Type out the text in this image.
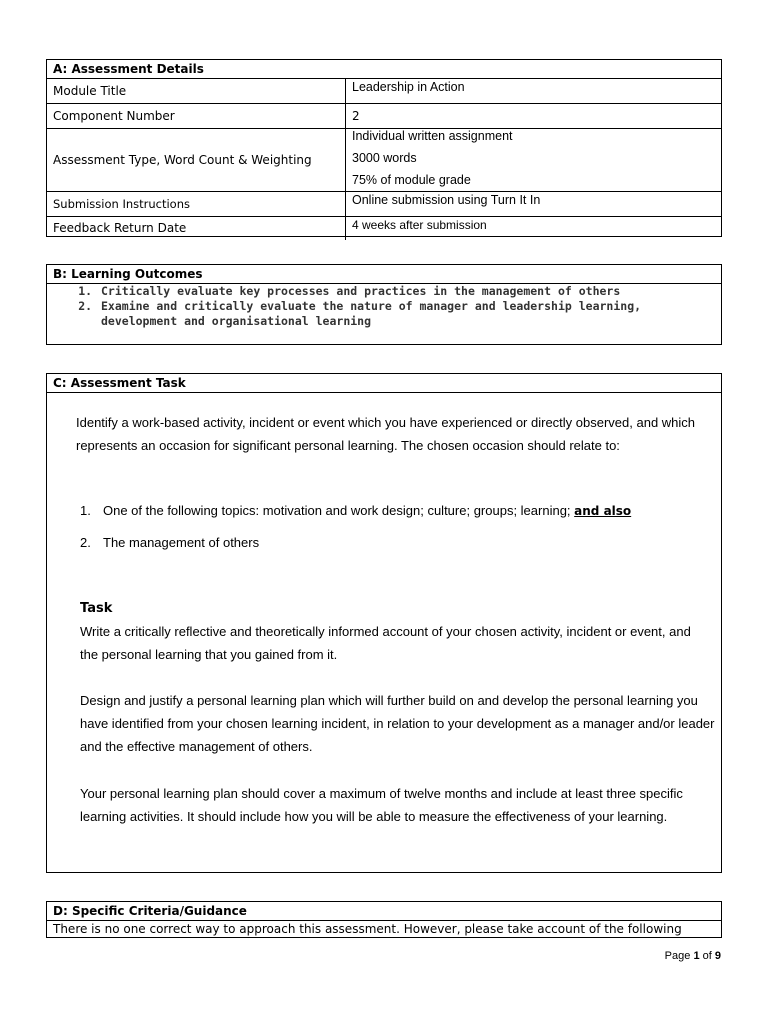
A: Assessment Details
Module Title	Leadership in Action
Component Number	2
Assessment Type, Word Count & Weighting	Individual written assignment
3000 words
75% of module grade

Submission Instructions	Online submission using Turn It In
Feedback Return Date	4 weeks after submission
B: Learning Outcomes
1. Critically evaluate key processes and practices in the management of others
2. Examine and critically evaluate the nature of manager and leadership learning, development and organisational learning
C: Assessment Task

Identify a work-based activity, incident or event which you have experienced or directly observed, and which represents an occasion for significant personal learning. The chosen occasion should relate to:

1. One of the following topics: motivation and work design; culture; groups; learning; and also
2. The management of others
Task

Write a critically reflective and theoretically informed account of your chosen activity, incident or event, and the personal learning that you gained from it.

Design and justify a personal learning plan which will further build on and develop the personal learning you have identified from your chosen learning incident, in relation to your development as a manager and/or leader and the effective management of others.

Your personal learning plan should cover a maximum of twelve months and include at least three specific learning activities. It should include how you will be able to measure the effectiveness of your learning.

D: Specific Criteria/Guidance
There is no one correct way to approach this assessment. However, please take account of the following
Page 1 of 9
